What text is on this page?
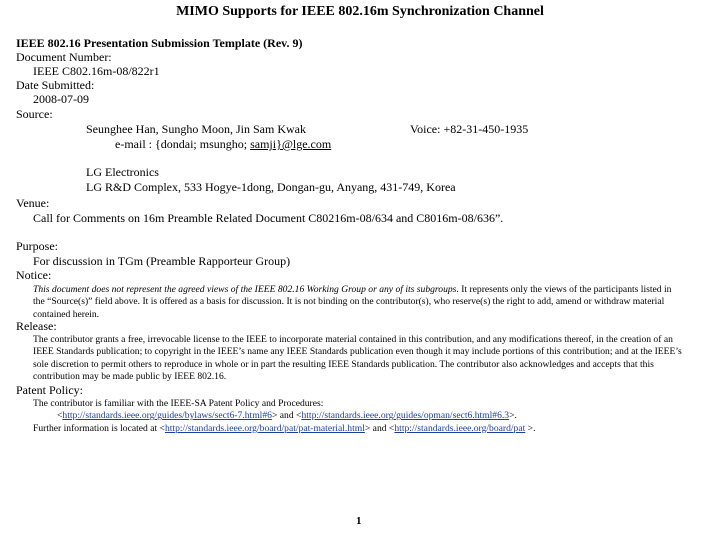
MIMO Supports for IEEE 802.16m Synchronization Channel
IEEE 802.16 Presentation Submission Template (Rev. 9)
Document Number:
IEEE C802.16m-08/822r1
Date Submitted:
2008-07-09
Source:
Seunghee Han, Sungho Moon, Jin Sam Kwak	Voice: +82-31-450-1935
e-mail : {dondai; msungho; samji}@lge.com
LG Electronics
LG R&D Complex, 533 Hogye-1dong, Dongan-gu, Anyang, 431-749, Korea
Venue:
Call for Comments on 16m Preamble Related Document C80216m-08/634 and C8016m-08/636”.
Purpose:
For discussion in TGm (Preamble Rapporteur Group)
Notice:

This document does not represent the agreed views of the IEEE 802.16 Working Group or any of its subgroups. It represents only the views of the participants listed in

the “Source(s)” field above. It is offered as a basis for discussion. It is not binding on the contributor(s), who reserve(s) the right to add, amend or withdraw material

contained herein.

Release:

The contributor grants a free, irrevocable license to the IEEE to incorporate material contained in this contribution, and any modifications thereof, in the creation of an

IEEE Standards publication; to copyright in the IEEE’s name any IEEE Standards publication even though it may include portions of this contribution; and at the IEEE’s

sole discretion to permit others to reproduce in whole or in part the resulting IEEE Standards publication. The contributor also acknowledges and accepts that this

contribution may be made public by IEEE 802.16.

Patent Policy:

The contributor is familiar with the IEEE-SA Patent Policy and Procedures:

<http://standards.ieee.org/guides/bylaws/sect6-7.html#6> and <http://standards.ieee.org/guides/opman/sect6.html#6.3>.

Further information is located at <http://standards.ieee.org/board/pat/pat-material.html> and <http://standards.ieee.org/board/pat >.

1
